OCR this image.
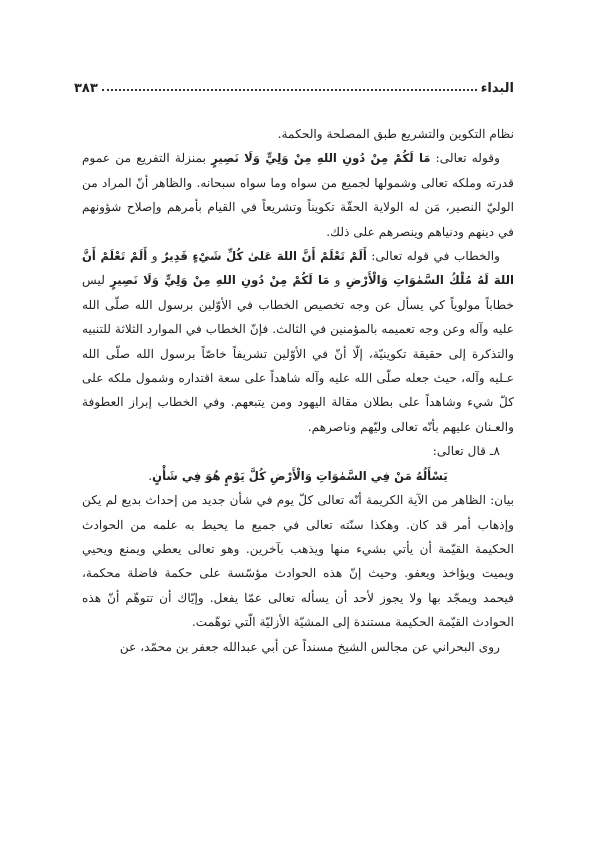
البداء
٣٨٣

نظام التكوين والتشريع طبق المصلحة والحكمة.

وقوله تعالى: مَا لَكُمْ مِنْ دُونِ اللهِ مِنْ وَلِيٍّ وَلَا نَصِيرٍ بمنزلة التفريع من عموم قدرته وملكه تعالى وشمولها لجميع من سواه وما سواه سبحانه. والظاهر أنّ المراد من الوليّ النصير، مَن له الولاية الحقّة تكويناً وتشريعاً في القيام بأمرهم وإصلاح شؤونهم في دينهم ودنياهم وينصرهم على ذلك.

والخطاب في قوله تعالى: أَلَمْ تَعْلَمْ أَنَّ اللهَ عَلىٰ كُلِّ شَيْءٍ قَدِيرٌ و أَلَمْ تَعْلَمْ أَنَّ اللهَ لَهُ مُلْكُ السَّمٰوَاتِ وَالْأَرْضِ و مَا لَكُمْ مِنْ دُونِ اللهِ مِنْ وَلِيٍّ وَلَا نَصِيرٍ ليس خطاباً مولوياً كي يسأل عن وجه تخصيص الخطاب في الأوّلين برسول الله صلّى الله عليه وآله وعن وجه تعميمه بالمؤمنين في الثالث. فإنّ الخطاب في الموارد الثلاثة للتنبيه والتذكرة إلى حقيقة تكوينيّة، إلّا أنّ في الأوّلين تشريفاً خاصّاً برسول الله صلّى الله عـليه وآله، حيث جعله صلّى الله عليه وآله شاهداً على سعة اقتداره وشمول ملكه على كلّ شيء وشاهداً على بطلان مقالة اليهود ومن يتبعهم. وفي الخطاب إبراز العطوفة والعـنان عليهم بأنّه تعالى وليّهم وناصرهم.

٨ـ قال تعالى:

يَسْأَلُهُ مَنْ فِي السَّمٰوَاتِ وَالْأَرْضِ كُلَّ يَوْمٍ هُوَ فِي شَأْنٍ.

بيان: الظاهر من الآية الكريمة أنّه تعالى كلّ يوم في شأن جديد من إحداث بديع لم يكن وإذهاب أمر قد كان. وهكذا سنّته تعالى في جميع ما يحيط به علمه من الحوادث الحكيمة القيّمة أن يأتي بشيء منها ويذهب بآخرين. وهو تعالى يعطي ويمنع ويحيي ويميت ويؤاخذ ويعفو. وحيث إنّ هذه الحوادث مؤسّسة على حكمة فاضلة محكمة، فيحمد ويمجّد بها ولا يجوز لأحد أن يسأله تعالى عمّا يفعل. وإيّاك أن تتوهّم أنّ هذه الحوادث القيّمة الحكيمة مستندة إلى المشيّة الأزليّة الّتي توهّمت.

روى البحراني عن مجالس الشيخ مسنداً عن أبي عبدالله جعفر بن محمّد، عن
